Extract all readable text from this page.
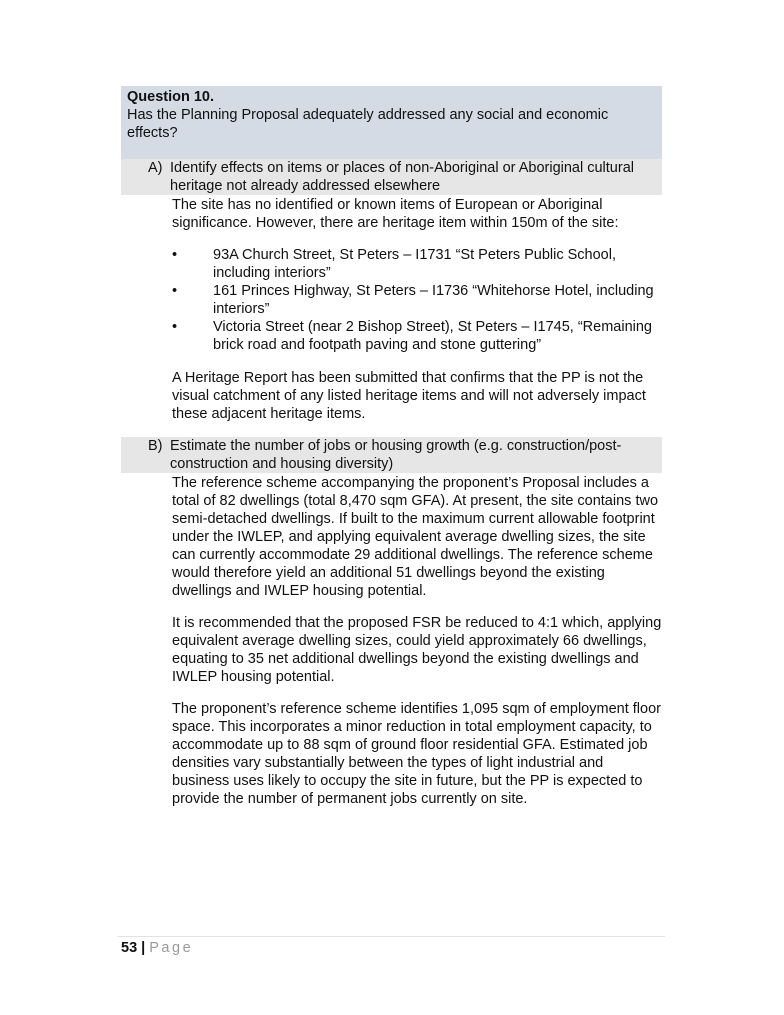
Question 10.
Has the Planning Proposal adequately addressed any social and economic effects?
A) Identify effects on items or places of non-Aboriginal or Aboriginal cultural heritage not already addressed elsewhere

The site has no identified or known items of European or Aboriginal significance. However, there are heritage item within 150m of the site:

• 93A Church Street, St Peters – I1731 “St Peters Public School, including interiors”
• 161 Princes Highway, St Peters – I1736 “Whitehorse Hotel, including interiors”
• Victoria Street (near 2 Bishop Street), St Peters – I1745, “Remaining brick road and footpath paving and stone guttering”

A Heritage Report has been submitted that confirms that the PP is not the visual catchment of any listed heritage items and will not adversely impact these adjacent heritage items.

B) Estimate the number of jobs or housing growth (e.g. construction/post-construction and housing diversity)

The reference scheme accompanying the proponent’s Proposal includes a total of 82 dwellings (total 8,470 sqm GFA). At present, the site contains two semi-detached dwellings. If built to the maximum current allowable footprint under the IWLEP, and applying equivalent average dwelling sizes, the site can currently accommodate 29 additional dwellings. The reference scheme would therefore yield an additional 51 dwellings beyond the existing dwellings and IWLEP housing potential.

It is recommended that the proposed FSR be reduced to 4:1 which, applying equivalent average dwelling sizes, could yield approximately 66 dwellings, equating to 35 net additional dwellings beyond the existing dwellings and IWLEP housing potential.

The proponent’s reference scheme identifies 1,095 sqm of employment floor space. This incorporates a minor reduction in total employment capacity, to accommodate up to 88 sqm of ground floor residential GFA. Estimated job densities vary substantially between the types of light industrial and business uses likely to occupy the site in future, but the PP is expected to provide the number of permanent jobs currently on site.

53 | Page
